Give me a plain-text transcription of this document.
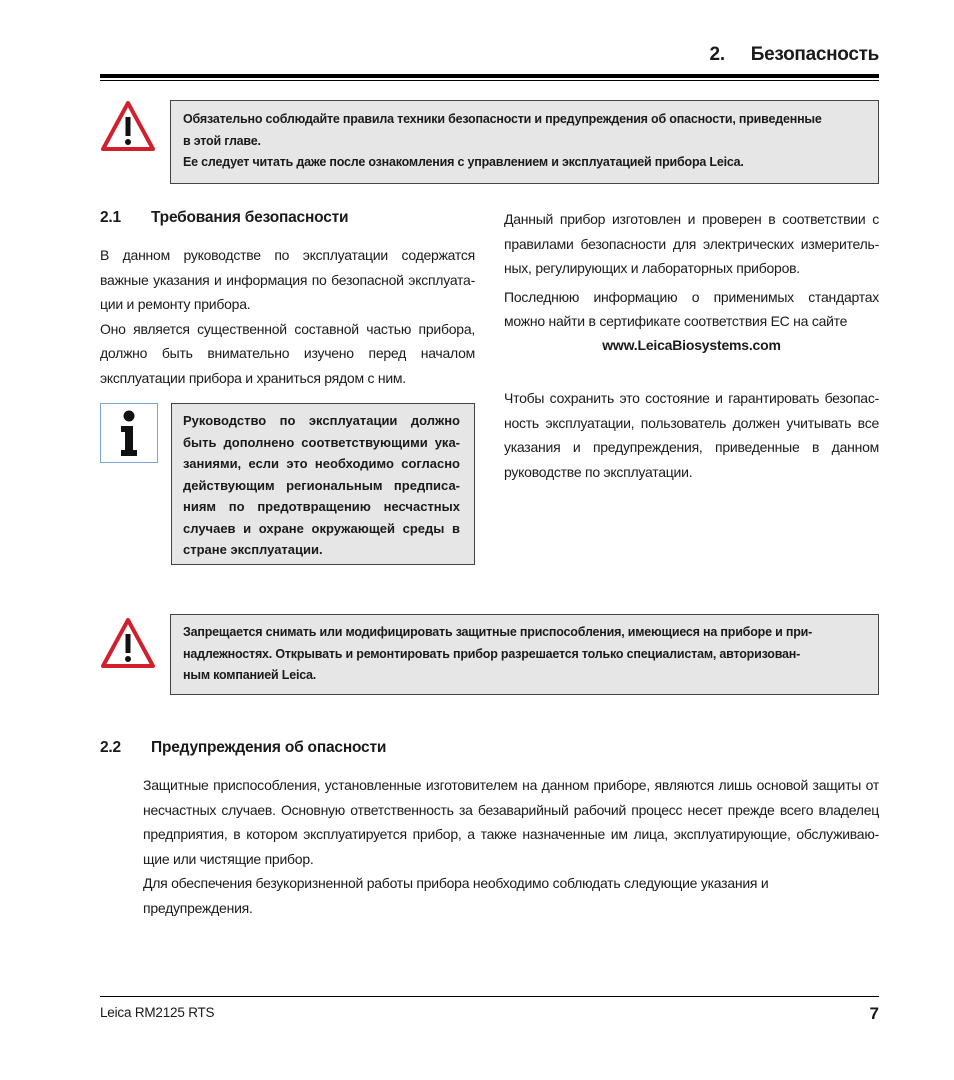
2. Безопасность

Обязательно соблюдайте правила техники безопасности и предупреждения об опасности, приведенные

в этой главе.

Ее следует читать даже после ознакомления с управлением и эксплуатацией прибора Leica.

2.1 Требования безопасности

В данном руководстве по эксплуатации содержатся важные указания и информация по безопасной эксплуата-ции и ремонту прибора.

Оно является существенной составной частью прибора, должно быть внимательно изучено перед началом эксплуатации прибора и храниться рядом с ним.

Руководство по эксплуатации должно быть дополнено соответствующими ука-заниями, если это необходимо согласно действующим региональным предписа-ниям по предотвращению несчастных случаев и охране окружающей среды в стране эксплуатации.

Данный прибор изготовлен и проверен в соответствии с правилами безопасности для электрических измеритель-ных, регулирующих и лабораторных приборов.

Последнюю информацию о применимых стандартах можно найти в сертификате соответствия ЕС на сайте

www.LeicaBiosystems.com

Чтобы сохранить это состояние и гарантировать безопас-ность эксплуатации, пользователь должен учитывать все указания и предупреждения, приведенные в данном руководстве по эксплуатации.

Запрещается снимать или модифицировать защитные приспособления, имеющиеся на приборе и при-

надлежностях. Открывать и ремонтировать прибор разрешается только специалистам, авторизован-

ным компанией Leica.

2.2 Предупреждения об опасности

Защитные приспособления, установленные изготовителем на данном приборе, являются лишь основой защиты от несчастных случаев. Основную ответственность за безаварийный рабочий процесс несет прежде всего владелец предприятия, в котором эксплуатируется прибор, а также назначенные им лица, эксплуатирующие, обслуживаю-щие или чистящие прибор.

Для обеспечения безукоризненной работы прибора необходимо соблюдать следующие указания и предупреждения.

Leica RM2125 RTS	7
